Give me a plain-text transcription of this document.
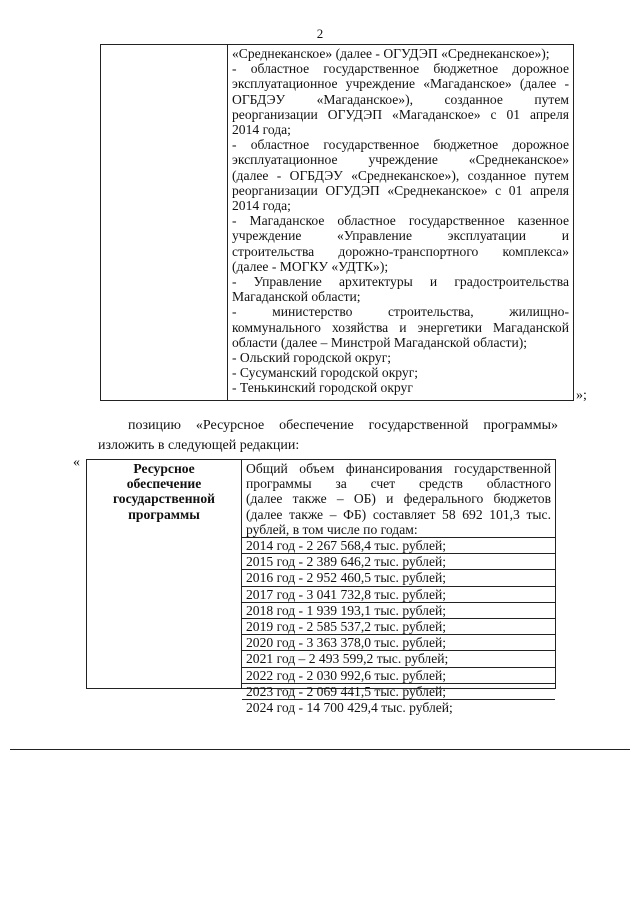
2

«Среднеканское» (далее - ОГУДЭП «Среднеканское»);

- областное государственное бюджетное дорожное

эксплуатационное учреждение «Магаданское» (далее -

ОГБДЭУ «Магаданское»), созданное путем

реорганизации ОГУДЭП «Магаданское» с 01 апреля

2014 года;

- областное государственное бюджетное дорожное

эксплуатационное учреждение «Среднеканское»

(далее - ОГБДЭУ «Среднеканское»), созданное путем

реорганизации ОГУДЭП «Среднеканское» с 01 апреля

2014 года;

- Магаданское областное государственное казенное

учреждение «Управление эксплуатации и

строительства дорожно-транспортного комплекса»

(далее - МОГКУ «УДТК»);

- Управление архитектуры и градостроительства

Магаданской области;

- министерство строительства, жилищно-

коммунального хозяйства и энергетики Магаданской

области (далее – Минстрой Магаданской области);

- Ольский городской округ;

- Сусуманский городской округ;

- Тенькинский городской округ

»;
позицию «Ресурсное обеспечение государственной программы»
изложить в следующей редакции:
«	Ресурсное
обеспечение
государственной
программы

Общий объем финансирования государственной

программы за счет средств областного

(далее также – ОБ) и федерального бюджетов

(далее также – ФБ) составляет 58 692 101,3 тыс.

рублей, в том числе по годам:

2014 год - 2 267 568,4 тыс. рублей;
2015 год - 2 389 646,2 тыс. рублей;
2016 год - 2 952 460,5 тыс. рублей;
2017 год - 3 041 732,8 тыс. рублей;
2018 год - 1 939 193,1 тыс. рублей;
2019 год - 2 585 537,2 тыс. рублей;
2020 год - 3 363 378,0 тыс. рублей;
2021 год – 2 493 599,2 тыс. рублей;
2022 год - 2 030 992,6 тыс. рублей;
2023 год - 2 069 441,5 тыс. рублей;
2024 год - 14 700 429,4 тыс. рублей;
